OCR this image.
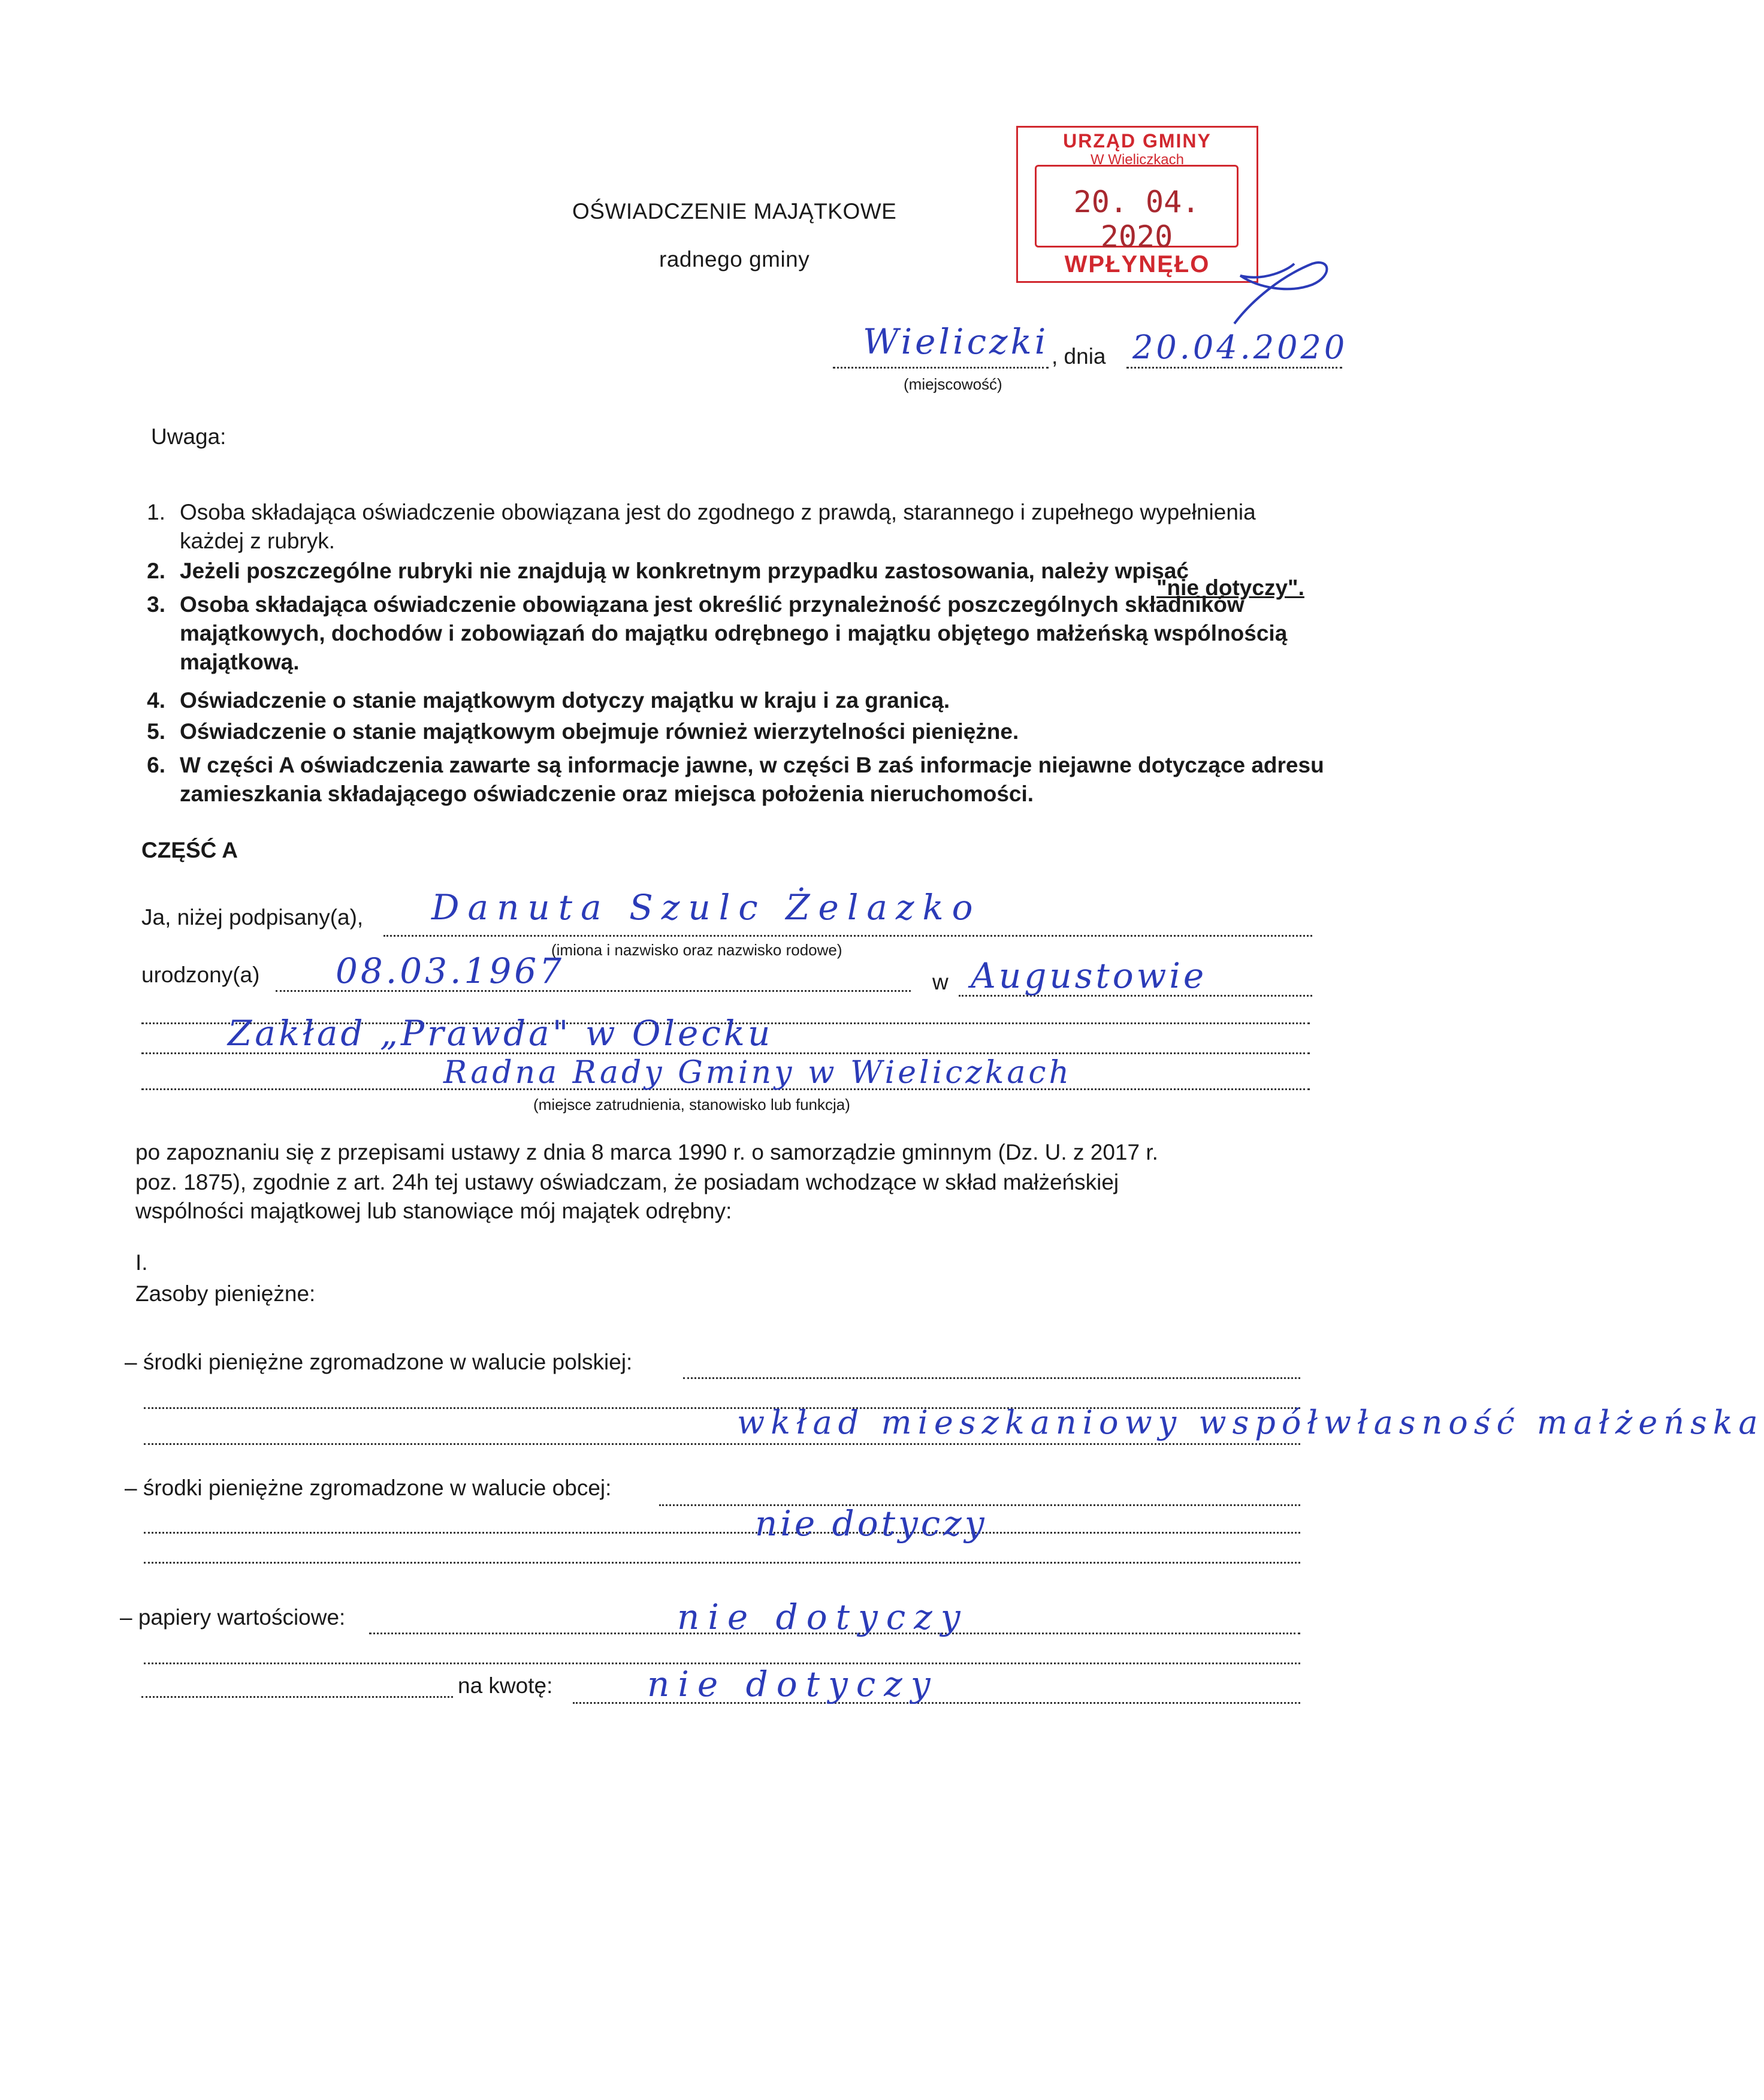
URZĄD GMINY
W Wieliczkach
20. 04. 2020
WPŁYNĘŁO
OŚWIADCZENIE MAJĄTKOWE
radnego gminy
Wieliczki , dnia 20.04.2020
(miejscowość)
Uwaga:
1. Osoba składająca oświadczenie obowiązana jest do zgodnego z prawdą, starannego i zupełnego wypełnienia
każdej z rubryk.
2. Jeżeli poszczególne rubryki nie znajdują w konkretnym przypadku zastosowania, należy wpisać
"nie dotyczy".
3. Osoba składająca oświadczenie obowiązana jest określić przynależność poszczególnych składników
majątkowych, dochodów i zobowiązań do majątku odrębnego i majątku objętego małżeńską wspólnością
majątkową.
4. Oświadczenie o stanie majątkowym dotyczy majątku w kraju i za granicą.
5. Oświadczenie o stanie majątkowym obejmuje również wierzytelności pieniężne.
6. W części A oświadczenia zawarte są informacje jawne, w części B zaś informacje niejawne dotyczące adresu
zamieszkania składającego oświadczenie oraz miejsca położenia nieruchomości.
CZĘŚĆ A
Ja, niżej podpisany(a), Danuta Szulc Żelazko
(imiona i nazwisko oraz nazwisko rodowe)
urodzony(a) 08.03.1967	w Augustowie
Zakład „Prawda" w Olecku
Radna Rady Gminy w Wieliczkach
(miejsce zatrudnienia, stanowisko lub funkcja)
po zapoznaniu się z przepisami ustawy z dnia 8 marca 1990 r. o samorządzie gminnym (Dz. U. z 2017 r.
poz. 1875), zgodnie z art. 24h tej ustawy oświadczam, że posiadam wchodzące w skład małżeńskiej
wspólności majątkowej lub stanowiące mój majątek odrębny:
I.
Zasoby pieniężne:
– środki pieniężne zgromadzone w walucie polskiej:
wkład mieszkaniowy współwłasność małżeńska
– środki pieniężne zgromadzone w walucie obcej:
nie dotyczy
– papiery wartościowe:	nie dotyczy
na kwotę:	nie dotyczy
